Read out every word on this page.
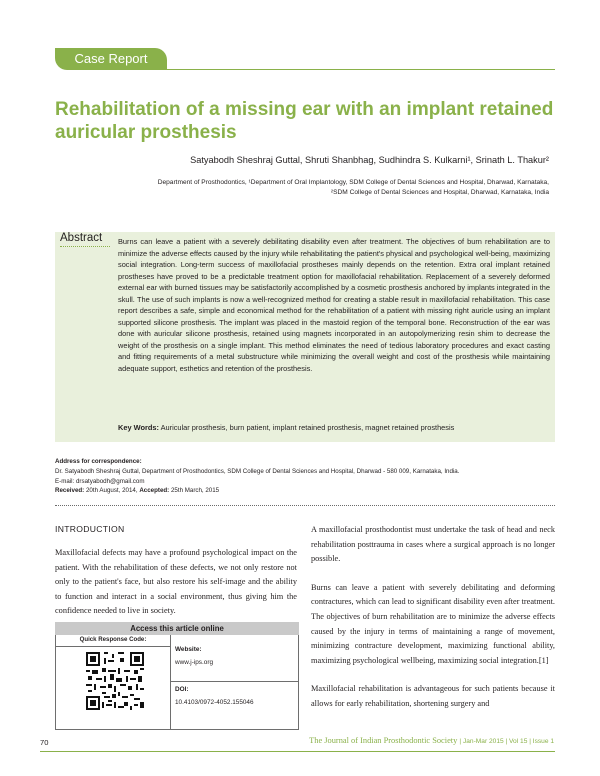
Case Report
Rehabilitation of a missing ear with an implant retained auricular prosthesis
Satyabodh Sheshraj Guttal, Shruti Shanbhag, Sudhindra S. Kulkarni¹, Srinath L. Thakur²
Department of Prosthodontics, ¹Department of Oral Implantology, SDM College of Dental Sciences and Hospital, Dharwad, Karnataka,
²SDM College of Dental Sciences and Hospital, Dharwad, Karnataka, India
Abstract	Burns can leave a patient with a severely debilitating disability even after treatment. The objectives of burn rehabilitation are to minimize the adverse effects caused by the injury while rehabilitating the patient's physical and psychological well-being, maximizing social integration. Long-term success of maxillofacial prostheses mainly depends on the retention. Extra oral implant retained prostheses have proved to be a predictable treatment option for maxillofacial rehabilitation. Replacement of a severely deformed external ear with burned tissues may be satisfactorily accomplished by a cosmetic prosthesis anchored by implants integrated in the skull. The use of such implants is now a well-recognized method for creating a stable result in maxillofacial rehabilitation. This case report describes a safe, simple and economical method for the rehabilitation of a patient with missing right auricle using an implant supported silicone prosthesis. The implant was placed in the mastoid region of the temporal bone. Reconstruction of the ear was done with auricular silicone prosthesis, retained using magnets incorporated in an autopolymerizing resin shim to decrease the weight of the prosthesis on a single implant. This method eliminates the need of tedious laboratory procedures and exact casting and fitting requirements of a metal substructure while minimizing the overall weight and cost of the prosthesis while maintaining adequate support, esthetics and retention of the prosthesis.
Key Words: Auricular prosthesis, burn patient, implant retained prosthesis, magnet retained prosthesis
Address for correspondence:
Dr. Satyabodh Sheshraj Guttal, Department of Prosthodontics, SDM College of Dental Sciences and Hospital, Dharwad - 580 009, Karnataka, India.
E-mail: drsatyabodh@gmail.com
Received: 20th August, 2014, Accepted: 25th March, 2015
INTRODUCTION
Maxillofacial defects may have a profound psychological impact on the patient. With the rehabilitation of these defects, we not only restore not only to the patient's face, but also restore his self-image and the ability to function and interact in a social environment, thus giving him the confidence needed to live in society.

A maxillofacial prosthodontist must undertake the task of head and neck rehabilitation posttrauma in cases where a surgical approach is no longer possible.

Burns can leave a patient with severely debilitating and deforming contractures, which can lead to significant disability even after treatment. The objectives of burn rehabilitation are to minimize the adverse effects caused by the injury in terms of maintaining a range of movement, minimizing contracture development, maximizing functional ability, maximizing psychological wellbeing, maximizing social integration.[1]

Maxillofacial rehabilitation is advantageous for such patients because it allows for early rehabilitation, shortening surgery and

Access this article online
Quick Response Code:
Website:
www.j-ips.org
DOI:
10.4103/0972-4052.155046
70	The Journal of Indian Prosthodontic Society | Jan-Mar 2015 | Vol 15 | Issue 1
